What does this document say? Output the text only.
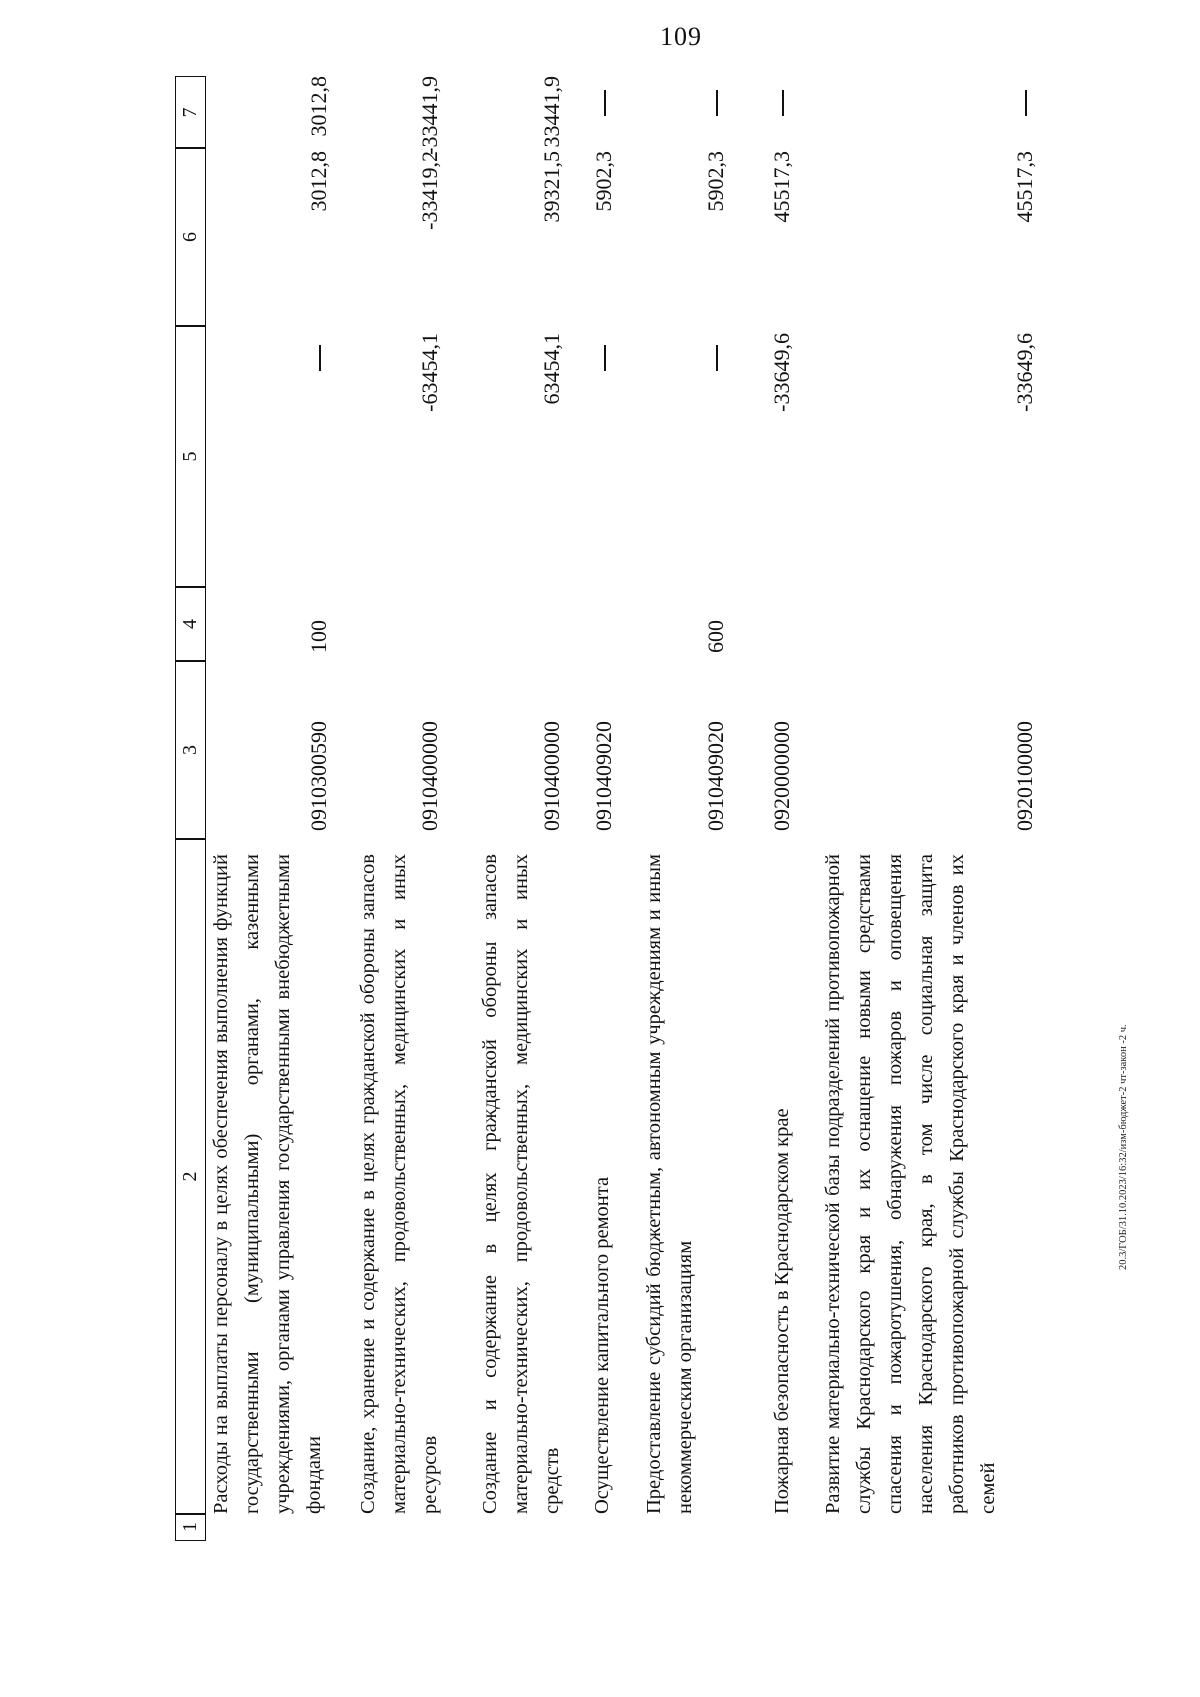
109
20.3/ГОБ/31.10.2023/16:32/изм-бюджет-2 чт-закон -2 ч.
1
2
3
4
5
6
7
Расходы на выплаты персоналу в целях обеспечения выполнения функций государственными (муниципальными) органами, казенными учреждениями, органами управления государственными внебюджетными фондами
0910300590
100
3012,8
3012,8
Создание, хранение и содержание в целях гражданской обороны запасов материально-технических, продовольственных, медицинских и иных ресурсов
0910400000
-63454,1
-33419,2
-33441,9
Создание и содержание в целях гражданской обороны запасов материально-технических, продовольственных, медицинских и иных средств
0910400000
63454,1
39321,5
33441,9
Осуществление капитального ремонта
0910409020
5902,3
Предоставление субсидий бюджетным, автономным учреждениям и иным некоммерческим организациям
0910409020
600
5902,3
Пожарная безопасность в Краснодарском крае
0920000000
-33649,6
45517,3
Развитие материально-технической базы подразделений противопожарной службы Краснодарского края и их оснащение новыми средствами спасения и пожаротушения, обнаружения пожаров и оповещения населения Краснодарского края, в том числе социальная защита работников противопожарной службы Краснодарского края и членов их семей
0920100000
-33649,6
45517,3
